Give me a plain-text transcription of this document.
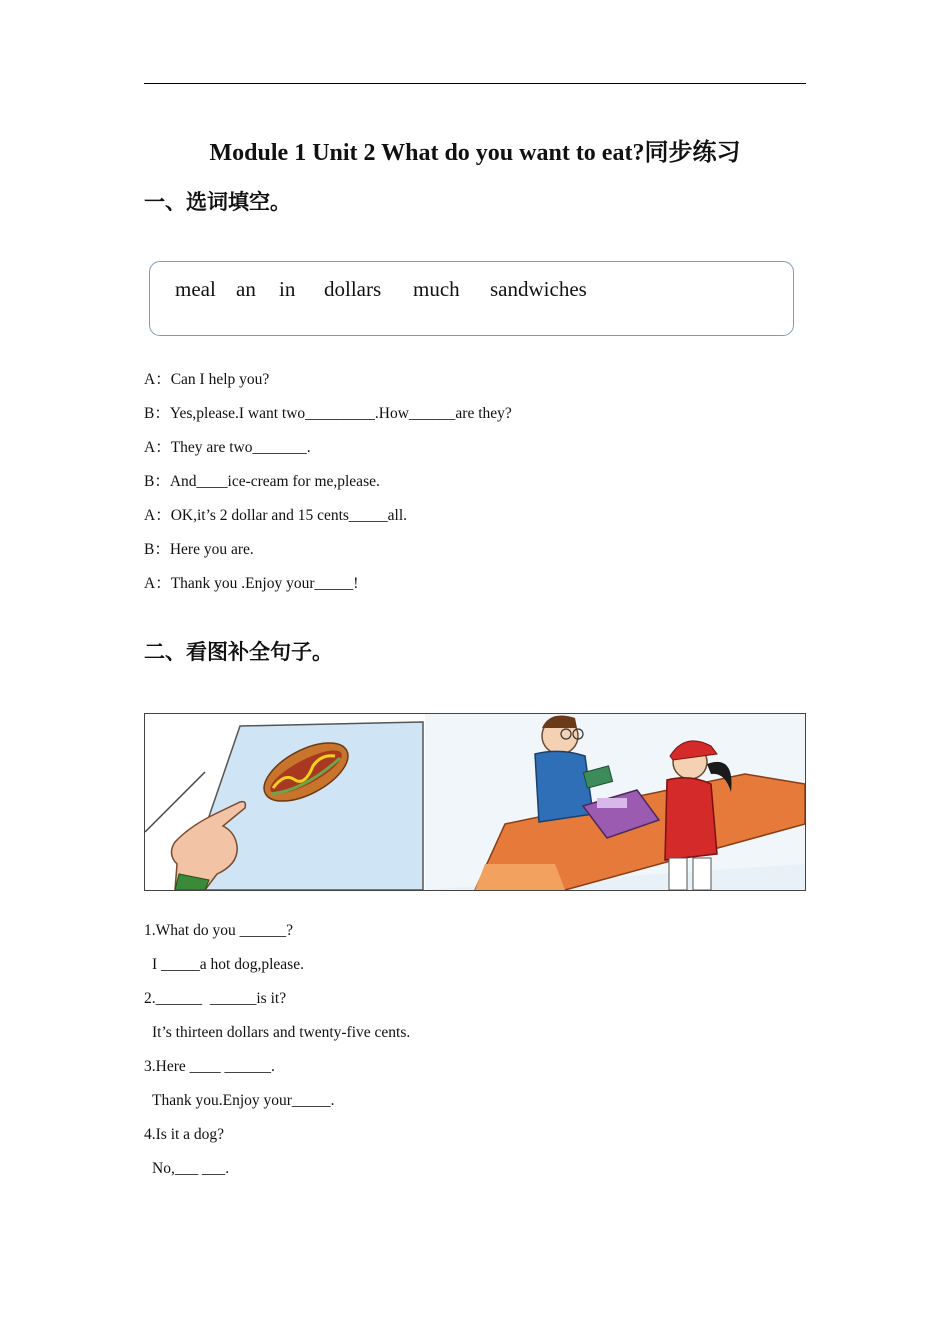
Module 1 Unit 2 What do you want to eat?同步练习
一、选词填空。
meal an in dollars much sandwiches
A：Can I help you?
B：Yes,please.I want two_________.How______are they?
A：They are two_______.
B：And____ice-cream for me,please.
A：OK,it’s 2 dollar and 15 cents_____all.
B：Here you are.
A：Thank you .Enjoy your_____!
二、看图补全句子。
1.What do you ______?
I _____a hot dog,please.
2.______  ______is it?
It’s thirteen dollars and twenty-five cents.
3.Here ____ ______.
Thank you.Enjoy your_____.
4.Is it a dog?
No,___ ___.
